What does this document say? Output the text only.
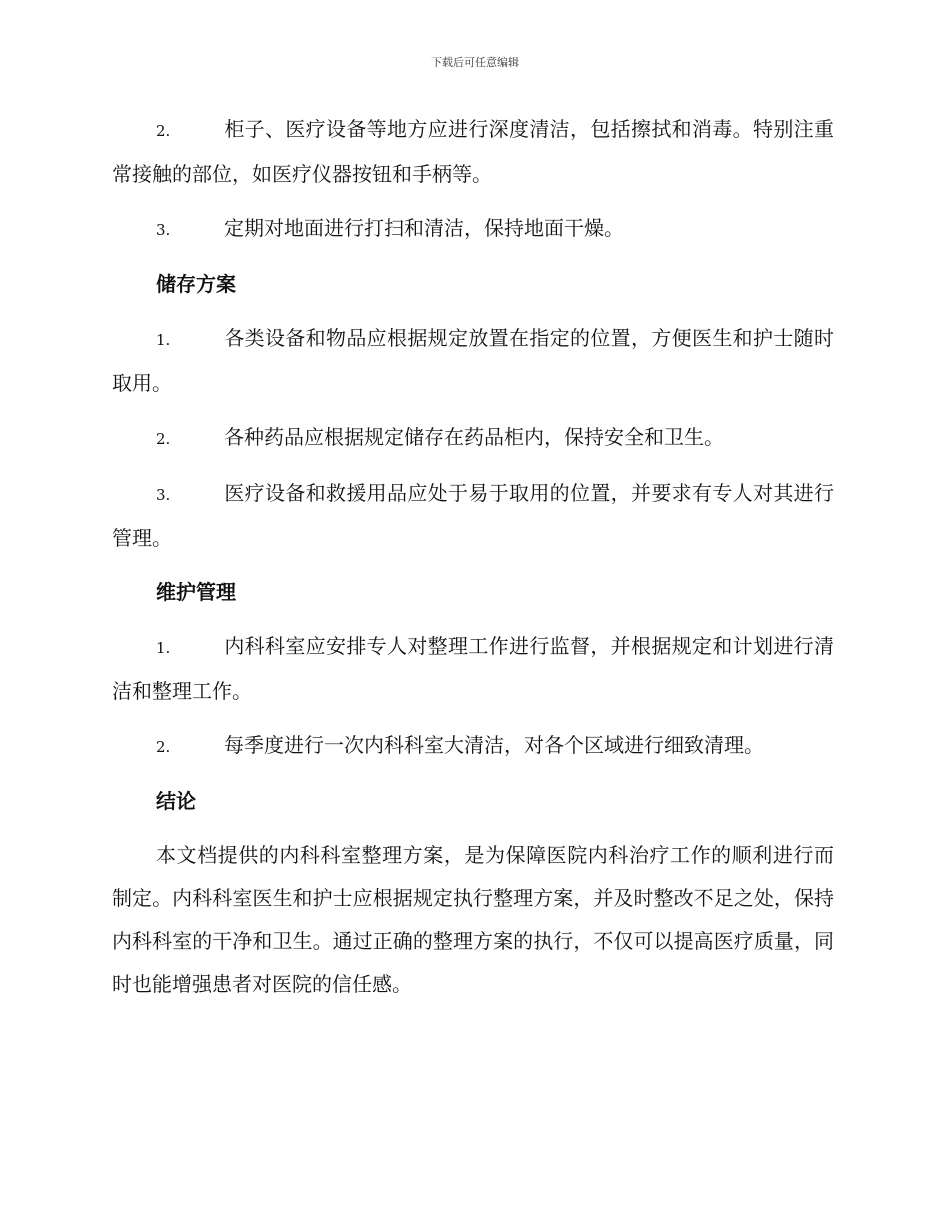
下载后可任意编辑

2.	柜子、医疗设备等地方应进行深度清洁，包括擦拭和消毒。特别注重常接触的部位，如医疗仪器按钮和手柄等。

3.	定期对地面进行打扫和清洁，保持地面干燥。

储存方案

1.	各类设备和物品应根据规定放置在指定的位置，方便医生和护士随时取用。

2.	各种药品应根据规定储存在药品柜内，保持安全和卫生。

3.	医疗设备和救援用品应处于易于取用的位置，并要求有专人对其进行管理。

维护管理

1.	内科科室应安排专人对整理工作进行监督，并根据规定和计划进行清洁和整理工作。

2.	每季度进行一次内科科室大清洁，对各个区域进行细致清理。

结论

本文档提供的内科科室整理方案，是为保障医院内科治疗工作的顺利进行而制定。内科科室医生和护士应根据规定执行整理方案，并及时整改不足之处，保持内科科室的干净和卫生。通过正确的整理方案的执行，不仅可以提高医疗质量，同时也能增强患者对医院的信任感。
